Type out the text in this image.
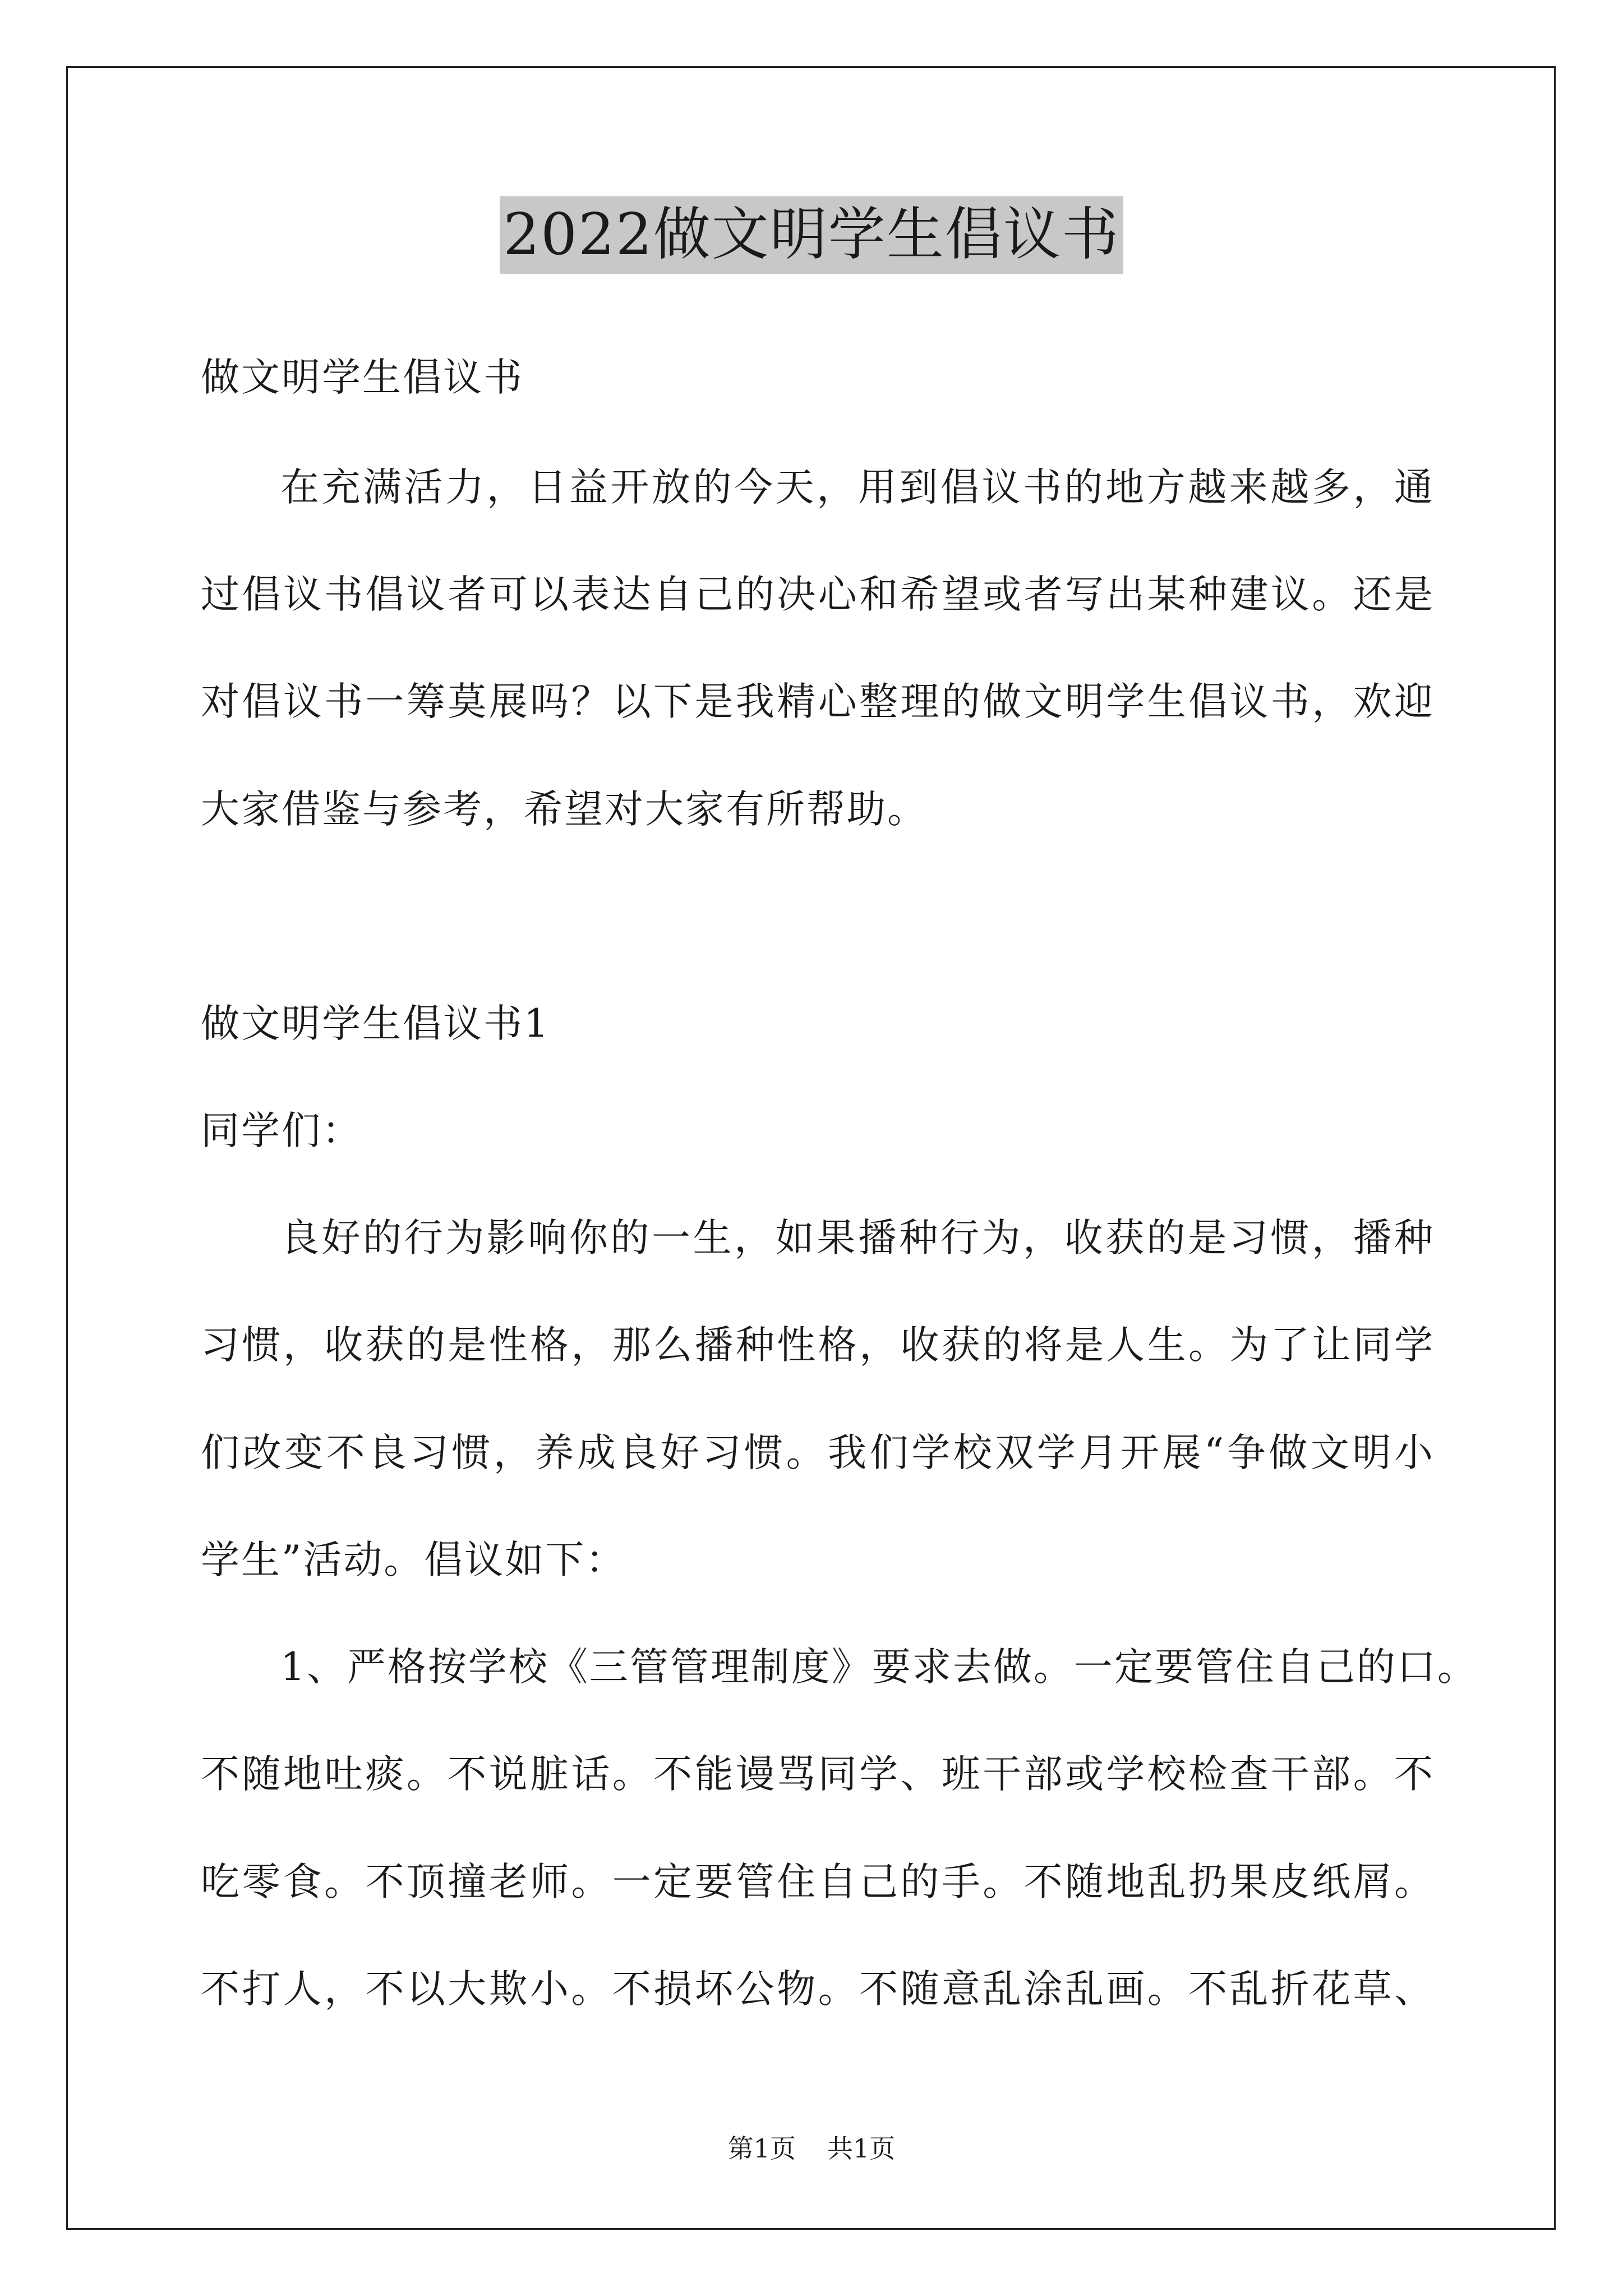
2022做文明学生倡议书
做文明学生倡议书
在充满活力，日益开放的今天，用到倡议书的地方越来越多，通
过倡议书倡议者可以表达自己的决心和希望或者写出某种建议。还是
对倡议书一筹莫展吗？以下是我精心整理的做文明学生倡议书，欢迎
大家借鉴与参考，希望对大家有所帮助。
做文明学生倡议书1
同学们：
良好的行为影响你的一生，如果播种行为，收获的是习惯，播种
习惯，收获的是性格，那么播种性格，收获的将是人生。为了让同学
们改变不良习惯，养成良好习惯。我们学校双学月开展“争做文明小
学生”活动。倡议如下：
1、严格按学校《三管管理制度》要求去做。一定要管住自己的口。
不随地吐痰。不说脏话。不能谩骂同学、班干部或学校检查干部。不
吃零食。不顶撞老师。一定要管住自己的手。不随地乱扔果皮纸屑。
不打人，不以大欺小。不损坏公物。不随意乱涂乱画。不乱折花草、
第1页 共1页
